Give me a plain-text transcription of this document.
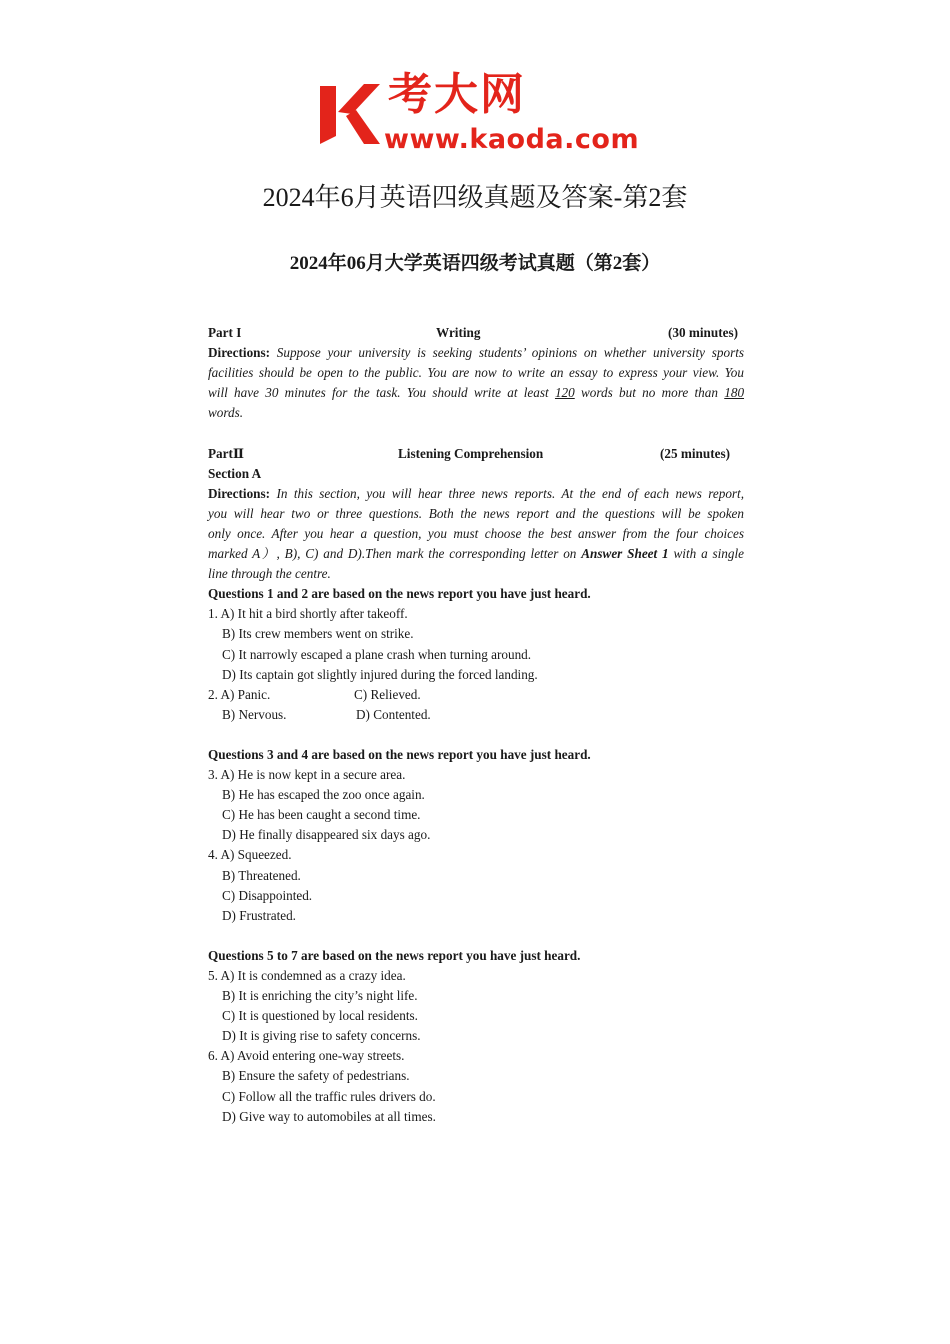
考大网
www.kaoda.com
2024年6月英语四级真题及答案-第2套
2024年06月大学英语四级考试真题（第2套）
Part I	Writing	(30 minutes)
Directions: Suppose your university is seeking students’ opinions on whether university sports
facilities should be open to the public. You are now to write an essay to express your view. You
will have 30 minutes for the task. You should write at least 120 words but no more than 180
words.
PartⅡ	Listening Comprehension	(25 minutes)
Section A
Directions: In this section, you will hear three news reports. At the end of each news report,
you will hear two or three questions. Both the news report and the questions will be spoken
only once. After you hear a question, you must choose the best answer from the four choices
marked A）, B), C) and D).Then mark the corresponding letter on Answer Sheet 1 with a single
line through the centre.
Questions 1 and 2 are based on the news report you have just heard.
1. A) It hit a bird shortly after takeoff.
B) Its crew members went on strike.
C) It narrowly escaped a plane crash when turning around.
D) Its captain got slightly injured during the forced landing.
2. A) Panic.	C) Relieved.
B) Nervous.	D) Contented.
Questions 3 and 4 are based on the news report you have just heard.
3. A) He is now kept in a secure area.
B) He has escaped the zoo once again.
C) He has been caught a second time.
D) He finally disappeared six days ago.
4. A) Squeezed.
B) Threatened.
C) Disappointed.
D) Frustrated.
Questions 5 to 7 are based on the news report you have just heard.
5. A) It is condemned as a crazy idea.
B) It is enriching the city’s night life.
C) It is questioned by local residents.
D) It is giving rise to safety concerns.
6. A) Avoid entering one-way streets.
B) Ensure the safety of pedestrians.
C) Follow all the traffic rules drivers do.
D) Give way to automobiles at all times.
